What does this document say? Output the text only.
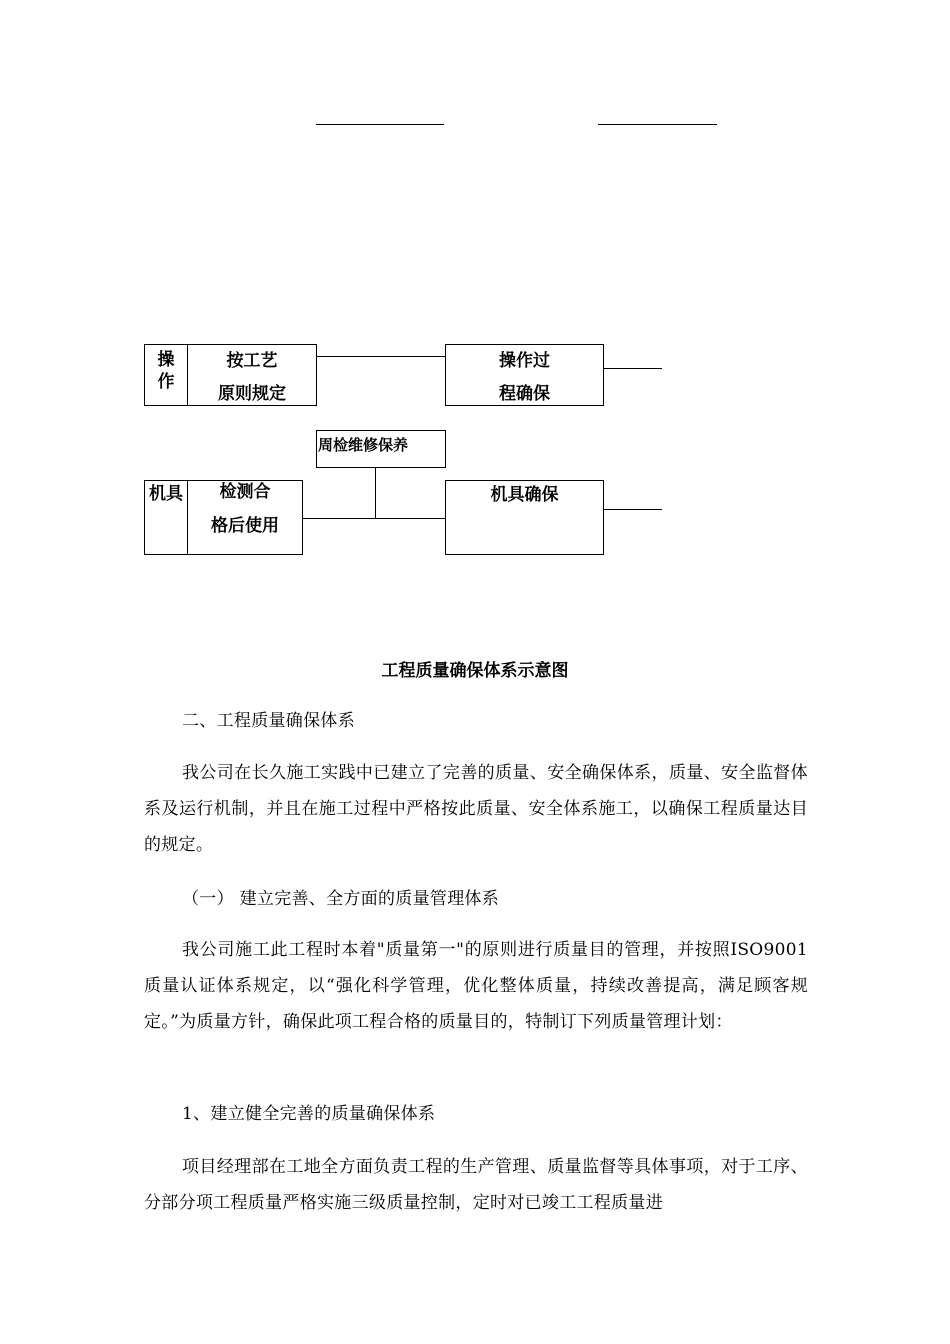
操
作
按工艺
原则规定
操作过
程确保
周检维修保养
机具	检测合
格后使用
机具确保
工程质量确保体系示意图
二、工程质量确保体系
我公司在长久施工实践中已建立了完善的质量、安全确保体系，质量、安全监督体系及运行机制，并且在施工过程中严格按此质量、安全体系施工，以确保工程质量达目的规定。
（一） 建立完善、全方面的质量管理体系
我公司施工此工程时本着"质量第一"的原则进行质量目的管理，并按照ISO9001 质量认证体系规定，以“强化科学管理，优化整体质量，持续改善提高，满足顾客规定。”为质量方针，确保此项工程合格的质量目的，特制订下列质量管理计划：
1、建立健全完善的质量确保体系
项目经理部在工地全方面负责工程的生产管理、质量监督等具体事项，对于工序、分部分项工程质量严格实施三级质量控制，定时对已竣工工程质量进
